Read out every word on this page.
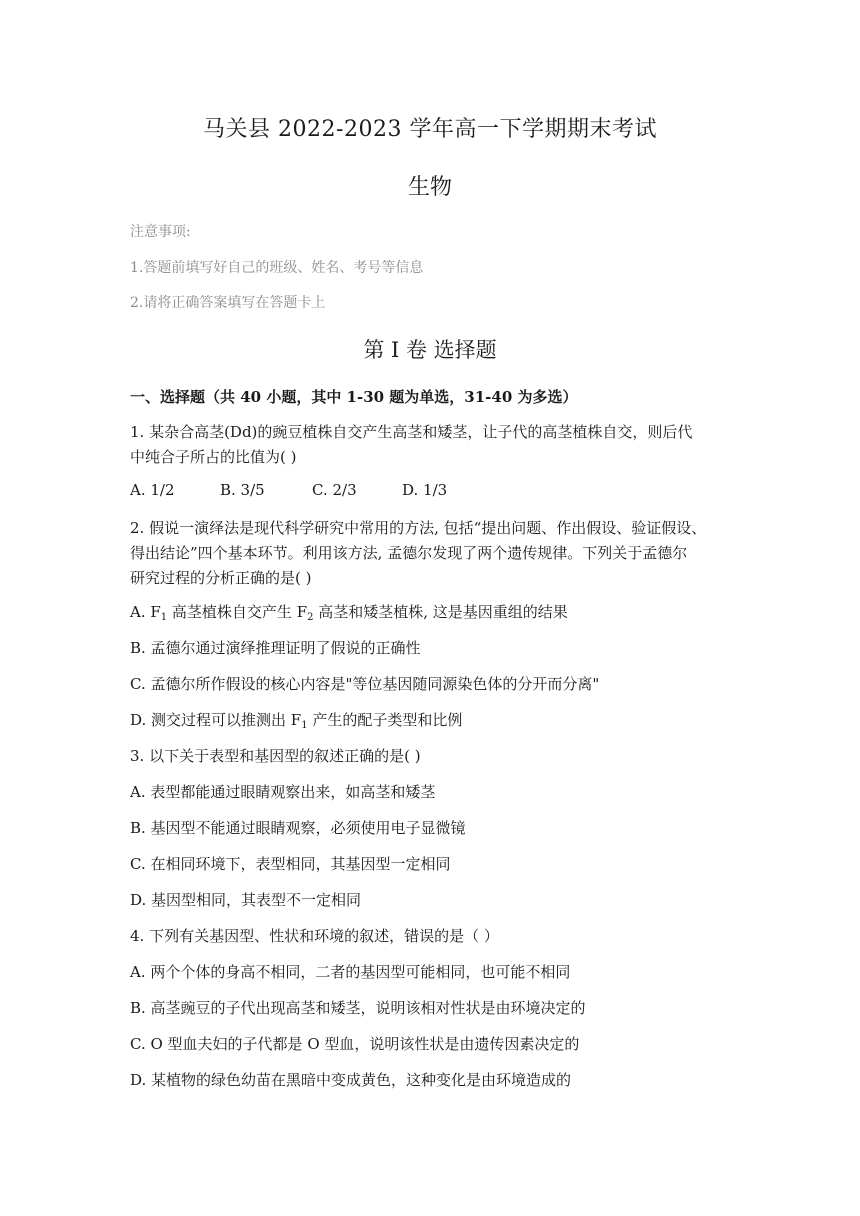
马关县 2022-2023 学年高一下学期期末考试
生物
注意事项:
1.答题前填写好自己的班级、姓名、考号等信息
2.请将正确答案填写在答题卡上
第 I 卷 选择题
一、选择题（共 40 小题，其中 1-30 题为单选，31-40 为多选）
1. 某杂合高茎(Dd)的豌豆植株自交产生高茎和矮茎，让子代的高茎植株自交，则后代
中纯合子所占的比值为( )
A. 1/2	B. 3/5	C. 2/3	D. 1/3
2. 假说一演绎法是现代科学研究中常用的方法, 包括“提出问题、作出假设、验证假设、
得出结论”四个基本环节。利用该方法, 孟德尔发现了两个遗传规律。下列关于孟德尔
研究过程的分析正确的是( )
A. $F_1$ 高茎植株自交产生 $F_2$ 高茎和矮茎植株, 这是基因重组的结果
B. 孟德尔通过演绎推理证明了假说的正确性
C. 孟德尔所作假设的核心内容是"等位基因随同源染色体的分开而分离"
D. 测交过程可以推测出 $F_1$ 产生的配子类型和比例
3. 以下关于表型和基因型的叙述正确的是( )
A. 表型都能通过眼睛观察出来，如高茎和矮茎
B. 基因型不能通过眼睛观察，必须使用电子显微镜
C. 在相同环境下，表型相同，其基因型一定相同
D. 基因型相同，其表型不一定相同
4. 下列有关基因型、性状和环境的叙述，错误的是（ ）
A. 两个个体的身高不相同，二者的基因型可能相同，也可能不相同
B. 高茎豌豆的子代出现高茎和矮茎，说明该相对性状是由环境决定的
C. O 型血夫妇的子代都是 O 型血，说明该性状是由遗传因素决定的
D. 某植物的绿色幼苗在黑暗中变成黄色，这种变化是由环境造成的
